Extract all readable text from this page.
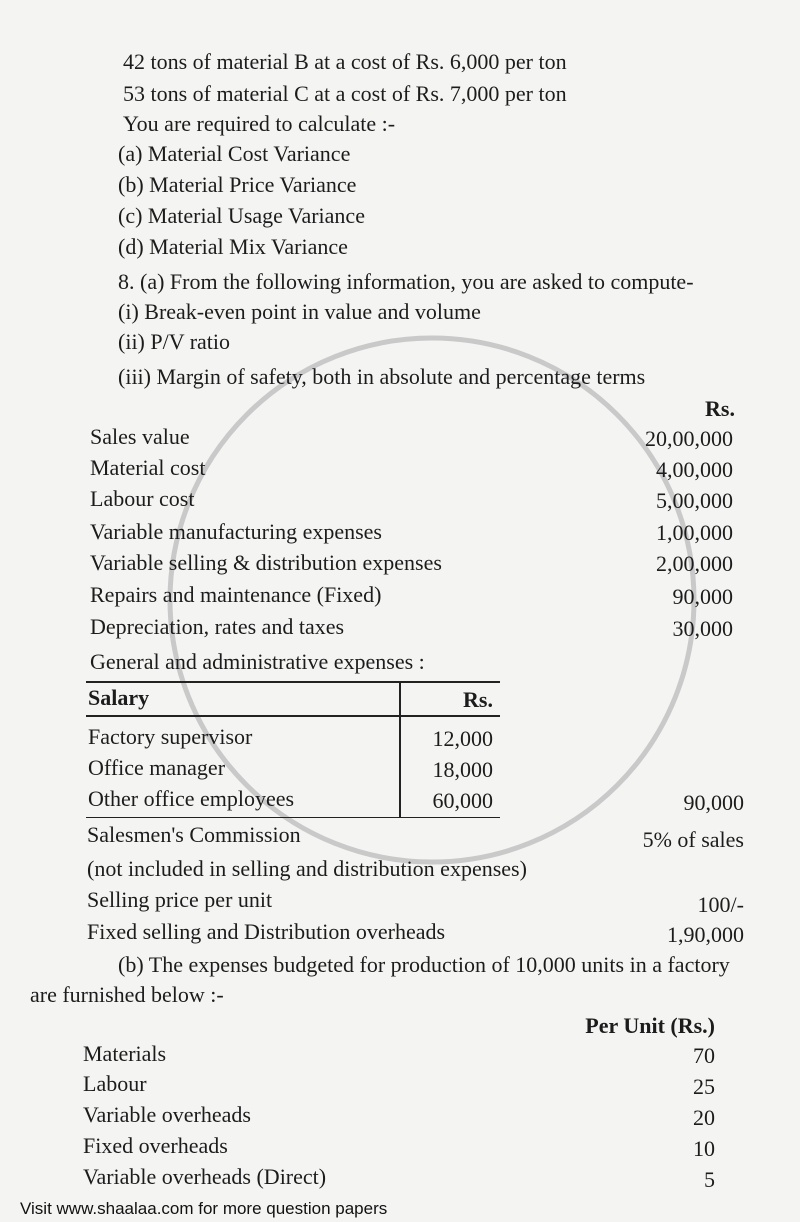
42 tons of material B at a cost of Rs. 6,000 per ton
53 tons of material C at a cost of Rs. 7,000 per ton
You are required to calculate :-
(a) Material Cost Variance
(b) Material Price Variance
(c) Material Usage Variance
(d) Material Mix Variance
8. (a) From the following information, you are asked to compute-
(i) Break-even point in value and volume
(ii) P/V ratio
(iii) Margin of safety, both in absolute and percentage terms
Rs.
Sales value	20,00,000
Material cost	4,00,000
Labour cost	5,00,000
Variable manufacturing expenses	1,00,000
Variable selling & distribution expenses	2,00,000
Repairs and maintenance (Fixed)	90,000
Depreciation, rates and taxes	30,000
General and administrative expenses :
Salary	Rs.
Factory supervisor	12,000
Office manager	18,000
Other office employees	60,000	90,000
Salesmen's Commission	5% of sales
(not included in selling and distribution expenses)
Selling price per unit	100/-
Fixed selling and Distribution overheads	1,90,000
(b) The expenses budgeted for production of 10,000 units in a factory
are furnished below :-
Per Unit (Rs.)
Materials	70
Labour	25
Variable overheads	20
Fixed overheads	10
Variable overheads (Direct)	5
Visit www.shaalaa.com for more question papers
